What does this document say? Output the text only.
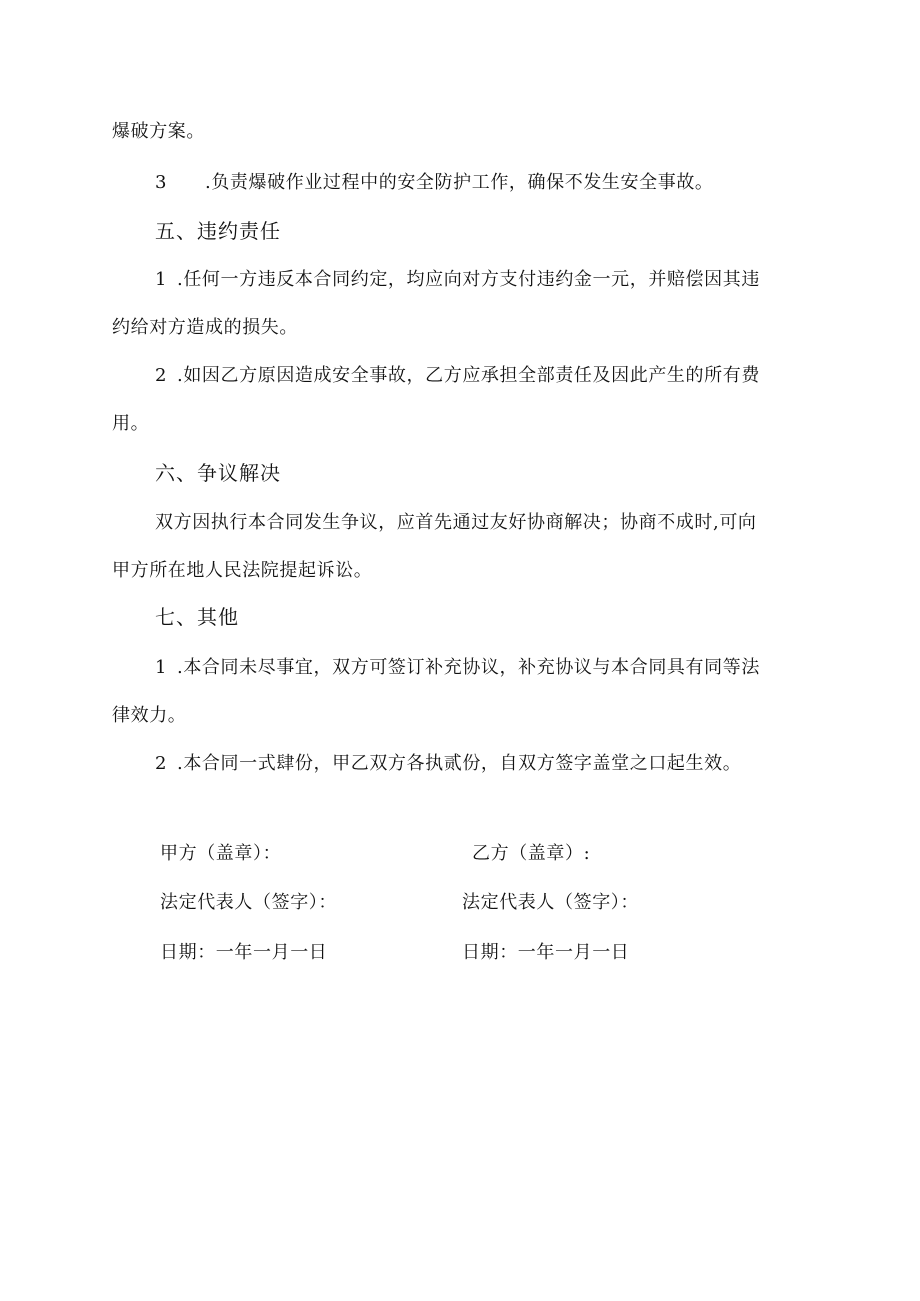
爆破方案。
3 .负责爆破作业过程中的安全防护工作，确保不发生安全事故。
五、违约责任
1 .任何一方违反本合同约定，均应向对方支付违约金一元，并赔偿因其违
约给对方造成的损失。
2 .如因乙方原因造成安全事故，乙方应承担全部责任及因此产生的所有费
用。
六、争议解决
双方因执行本合同发生争议，应首先通过友好协商解决；协商不成时,可向
甲方所在地人民法院提起诉讼。
七、其他
1 .本合同未尽事宜，双方可签订补充协议，补充协议与本合同具有同等法
律效力。
2 .本合同一式肆份，甲乙双方各执贰份，自双方签字盖堂之口起生效。
甲方（盖章）：	乙方（盖章）:
法定代表人（签字）：	法定代表人（签字）：
日期：一年一月一日	日期：一年一月一日
